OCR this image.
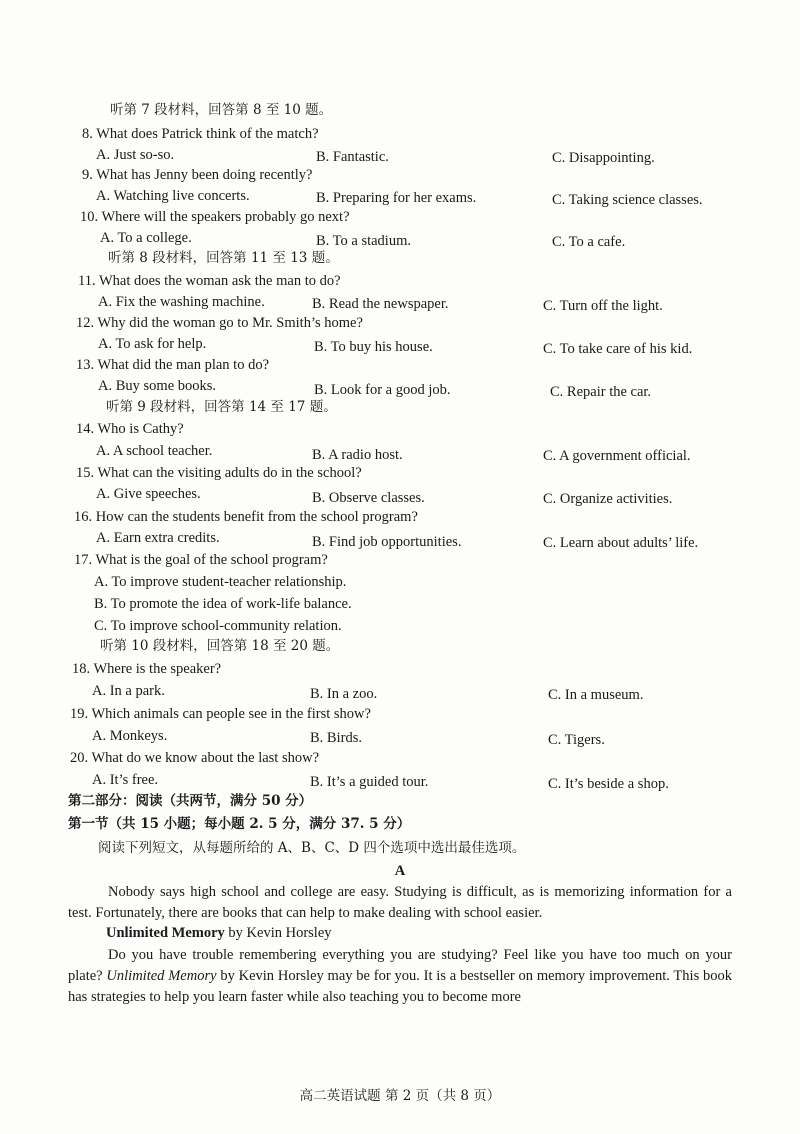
听第 7 段材料，回答第 8 至 10 题。
8. What does Patrick think of the match?
A. Just so-so.	B. Fantastic.	C. Disappointing.
9. What has Jenny been doing recently?
A. Watching live concerts.	B. Preparing for her exams.	C. Taking science classes.
10. Where will the speakers probably go next?
A. To a college.	B. To a stadium.	C. To a cafe.
听第 8 段材料，回答第 11 至 13 题。
11. What does the woman ask the man to do?
A. Fix the washing machine.	B. Read the newspaper.	C. Turn off the light.
12. Why did the woman go to Mr. Smith’s home?
A. To ask for help.	B. To buy his house.	C. To take care of his kid.
13. What did the man plan to do?
A. Buy some books.	B. Look for a good job.	C. Repair the car.
听第 9 段材料，回答第 14 至 17 题。
14. Who is Cathy?
A. A school teacher.	B. A radio host.	C. A government official.
15. What can the visiting adults do in the school?
A. Give speeches.	B. Observe classes.	C. Organize activities.
16. How can the students benefit from the school program?
A. Earn extra credits.	B. Find job opportunities.	C. Learn about adults’ life.
17. What is the goal of the school program?
A. To improve student-teacher relationship.
B. To promote the idea of work-life balance.
C. To improve school-community relation.
听第 10 段材料，回答第 18 至 20 题。
18. Where is the speaker?
A. In a park.	B. In a zoo.	C. In a museum.
19. Which animals can people see in the first show?
A. Monkeys.	B. Birds.	C. Tigers.
20. What do we know about the last show?
A. It’s free.	B. It’s a guided tour.	C. It’s beside a shop.
第二部分：阅读（共两节，满分 50 分）
第一节（共 15 小题；每小题 2. 5 分，满分 37. 5 分）
阅读下列短文，从每题所给的 A、B、C、D 四个选项中选出最佳选项。
A
Nobody says high school and college are easy. Studying is difficult, as is memorizing information for a test. Fortunately, there are books that can help to make dealing with school easier.
Unlimited Memory by Kevin Horsley
Do you have trouble remembering everything you are studying? Feel like you have too much on your plate? Unlimited Memory by Kevin Horsley may be for you. It is a bestseller on memory improvement. This book has strategies to help you learn faster while also teaching you to become more
高二英语试题 第 2 页（共 8 页）
